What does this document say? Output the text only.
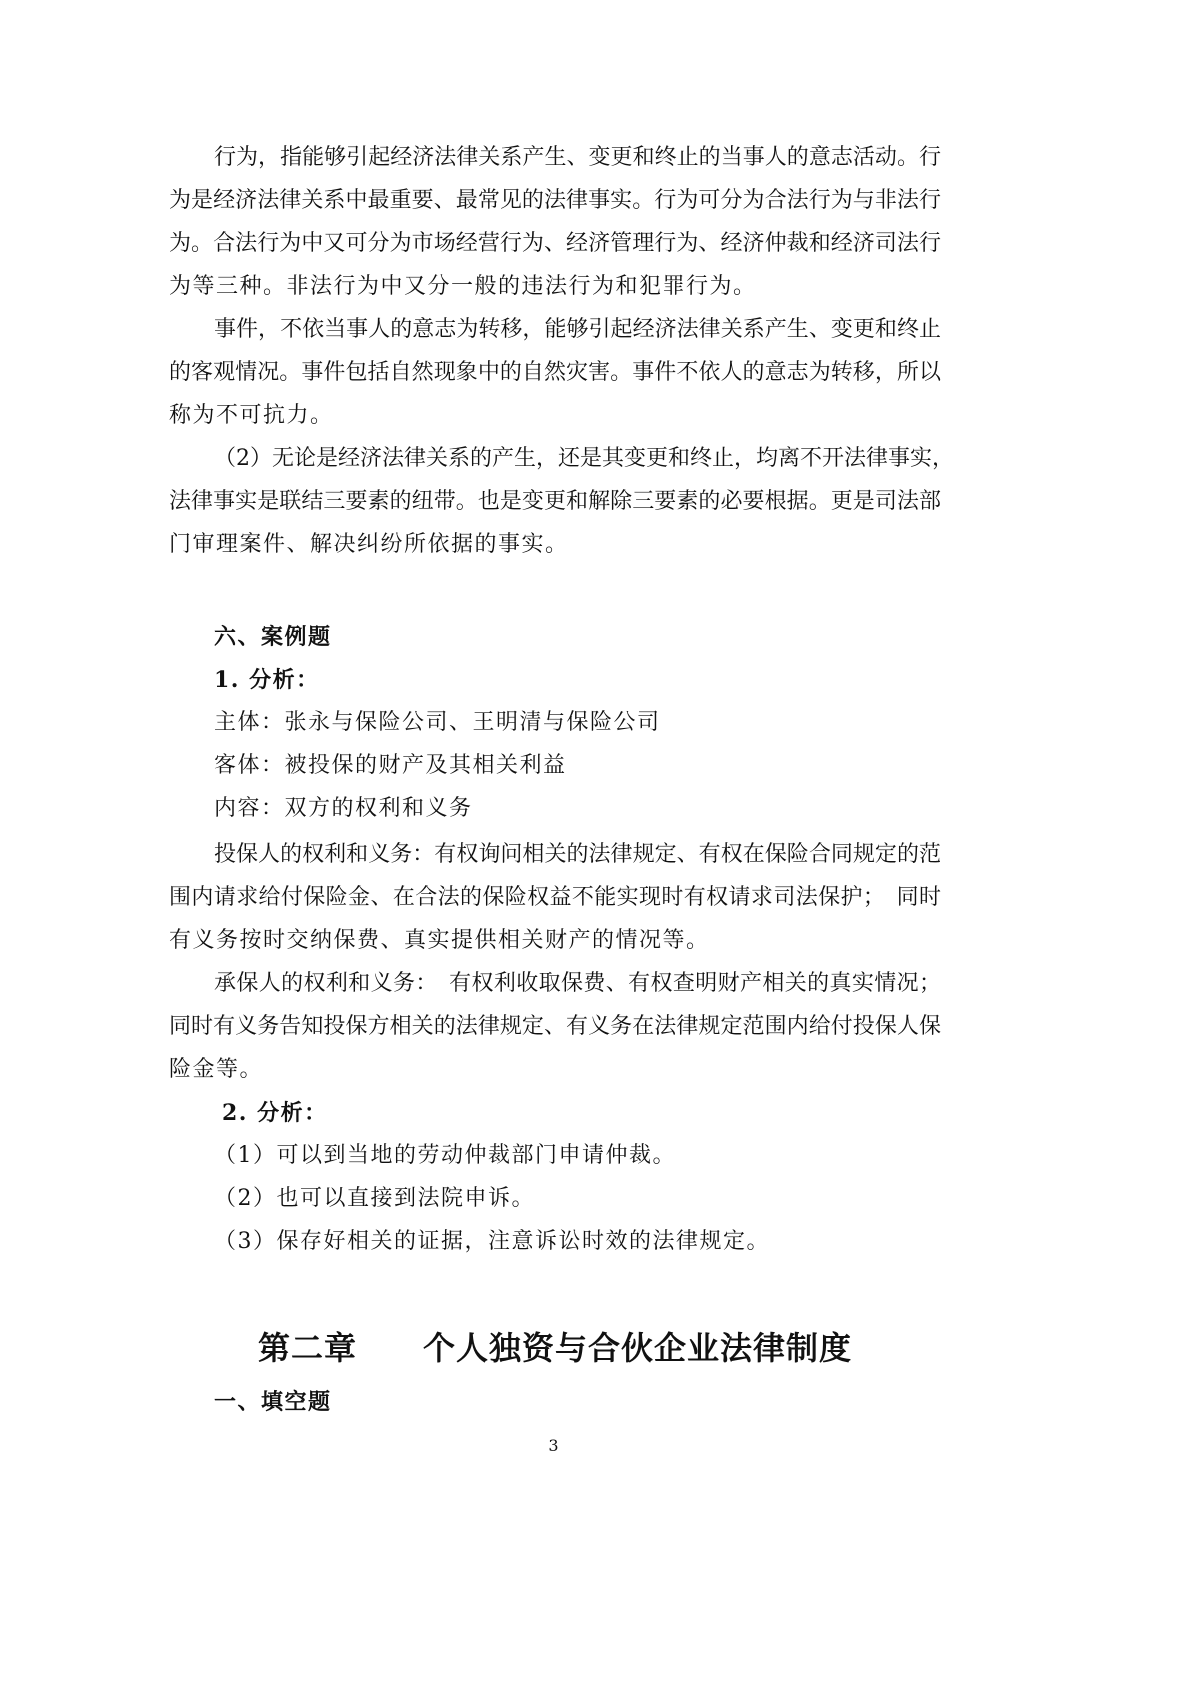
行为，指能够引起经济法律关系产生、变更和终止的当事人的意志活动。行
为是经济法律关系中最重要、最常见的法律事实。行为可分为合法行为与非法行
为。合法行为中又可分为市场经营行为、经济管理行为、经济仲裁和经济司法行
为等三种。非法行为中又分一般的违法行为和犯罪行为。
事件，不依当事人的意志为转移，能够引起经济法律关系产生、变更和终止
的客观情况。事件包括自然现象中的自然灾害。事件不依人的意志为转移，所以
称为不可抗力。
（2）无论是经济法律关系的产生，还是其变更和终止，均离不开法律事实，
法律事实是联结三要素的纽带。也是变更和解除三要素的必要根据。更是司法部
门审理案件、解决纠纷所依据的事实。
六、案例题
1. 分析：
主体：张永与保险公司、王明清与保险公司
客体：被投保的财产及其相关利益
内容：双方的权利和义务
投保人的权利和义务：有权询问相关的法律规定、有权在保险合同规定的范
围内请求给付保险金、在合法的保险权益不能实现时有权请求司法保护；　同时
有义务按时交纳保费、真实提供相关财产的情况等。
承保人的权利和义务：　有权利收取保费、有权查明财产相关的真实情况；
同时有义务告知投保方相关的法律规定、有义务在法律规定范围内给付投保人保
险金等。
2. 分析：
（1）可以到当地的劳动仲裁部门申请仲裁。
（2）也可以直接到法院申诉。
（3）保存好相关的证据，注意诉讼时效的法律规定。
第二章　　个人独资与合伙企业法律制度
一、填空题
3
